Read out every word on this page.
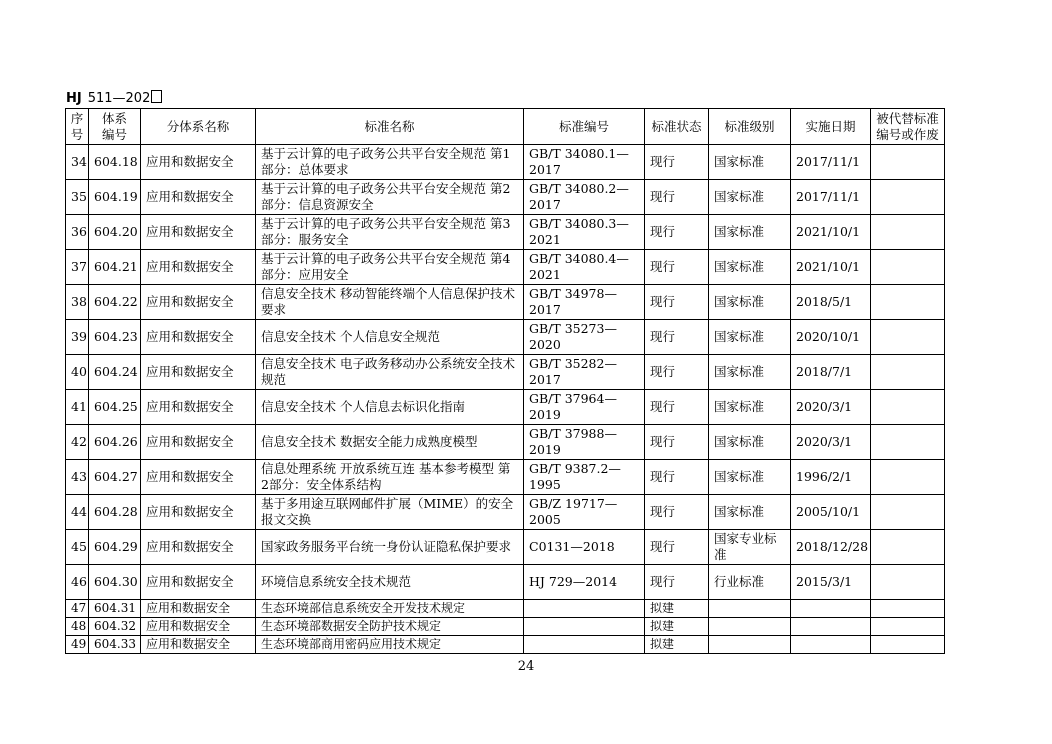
HJ 511—202
序号	体系编号	分体系名称	标准名称	标准编号	标准状态	标准级别	实施日期	被代替标准编号或作废
34	604.18	应用和数据安全	基于云计算的电子政务公共平台安全规范 第1部分：总体要求	GB/T 34080.1—2017	现行	国家标准	2017/11/1	
35	604.19	应用和数据安全	基于云计算的电子政务公共平台安全规范 第2部分：信息资源安全	GB/T 34080.2—2017	现行	国家标准	2017/11/1	
36	604.20	应用和数据安全	基于云计算的电子政务公共平台安全规范 第3部分：服务安全	GB/T 34080.3—2021	现行	国家标准	2021/10/1	
37	604.21	应用和数据安全	基于云计算的电子政务公共平台安全规范 第4部分：应用安全	GB/T 34080.4—2021	现行	国家标准	2021/10/1	
38	604.22	应用和数据安全	信息安全技术 移动智能终端个人信息保护技术要求	GB/T 34978—2017	现行	国家标准	2018/5/1	
39	604.23	应用和数据安全	信息安全技术 个人信息安全规范	GB/T 35273—2020	现行	国家标准	2020/10/1	
40	604.24	应用和数据安全	信息安全技术 电子政务移动办公系统安全技术规范	GB/T 35282—2017	现行	国家标准	2018/7/1	
41	604.25	应用和数据安全	信息安全技术 个人信息去标识化指南	GB/T 37964—2019	现行	国家标准	2020/3/1	
42	604.26	应用和数据安全	信息安全技术 数据安全能力成熟度模型	GB/T 37988—2019	现行	国家标准	2020/3/1	
43	604.27	应用和数据安全	信息处理系统 开放系统互连 基本参考模型 第2部分：安全体系结构	GB/T 9387.2—1995	现行	国家标准	1996/2/1	
44	604.28	应用和数据安全	基于多用途互联网邮件扩展（MIME）的安全报文交换	GB/Z 19717—2005	现行	国家标准	2005/10/1	
45	604.29	应用和数据安全	国家政务服务平台统一身份认证隐私保护要求	C0131—2018	现行	国家专业标准	2018/12/28	
46	604.30	应用和数据安全	环境信息系统安全技术规范	HJ 729—2014	现行	行业标准	2015/3/1	
47	604.31	应用和数据安全	生态环境部信息系统安全开发技术规定		拟建			
48	604.32	应用和数据安全	生态环境部数据安全防护技术规定		拟建			
49	604.33	应用和数据安全	生态环境部商用密码应用技术规定		拟建			
24
